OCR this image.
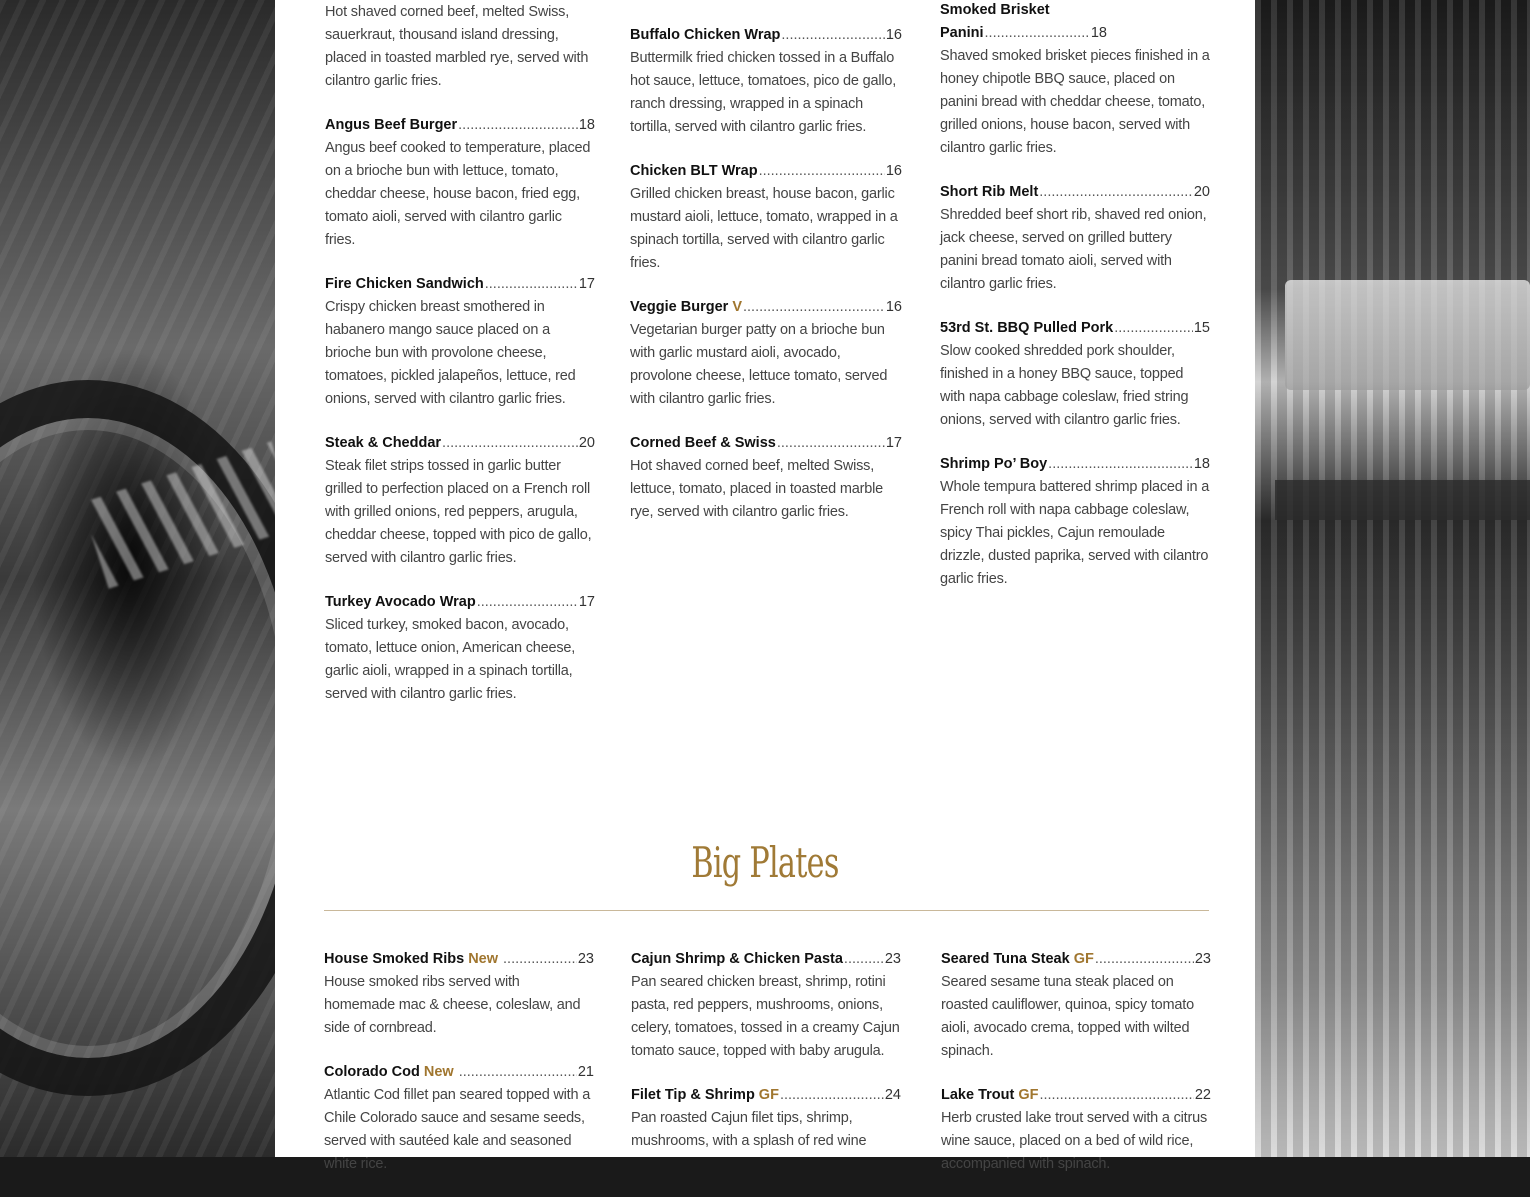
Hot shaved corned beef, melted Swiss, sauerkraut, thousand island dressing, placed in toasted marbled rye, served with cilantro garlic fries.

Angus Beef Burger .....	18

Angus beef cooked to temperature, placed on a brioche bun with lettuce, tomato, cheddar cheese, house bacon, fried egg, tomato aioli, served with cilantro garlic fries.

Fire Chicken Sandwich .....	17

Crispy chicken breast smothered in habanero mango sauce placed on a brioche bun with provolone cheese, tomatoes, pickled jalapeños, lettuce, red onions, served with cilantro garlic fries.

Steak & Cheddar .....	20

Steak filet strips tossed in garlic butter grilled to perfection placed on a French roll with grilled onions, red peppers, arugula, cheddar cheese, topped with pico de gallo, served with cilantro garlic fries.

Turkey Avocado Wrap .....	17

Sliced turkey, smoked bacon, avocado, tomato, lettuce onion, American cheese, garlic aioli, wrapped in a spinach tortilla, served with cilantro garlic fries.

Buffalo Chicken Wrap .....	16

Buttermilk fried chicken tossed in a Buffalo hot sauce, lettuce, tomatoes, pico de gallo, ranch dressing, wrapped in a spinach tortilla, served with cilantro garlic fries.

Chicken BLT Wrap .....	16

Grilled chicken breast, house bacon, garlic mustard aioli, lettuce, tomato, wrapped in a spinach tortilla, served with cilantro garlic fries.

Veggie Burger V .....	16

Vegetarian burger patty on a brioche bun with garlic mustard aioli, avocado, provolone cheese, lettuce tomato, served with cilantro garlic fries.

Corned Beef & Swiss .....	17

Hot shaved corned beef, melted Swiss, lettuce, tomato, placed in toasted marble rye, served with cilantro garlic fries.

Smoked Brisket
Panini .....	18

Shaved smoked brisket pieces finished in a honey chipotle BBQ sauce, placed on panini bread with cheddar cheese, tomato, grilled onions, house bacon, served with cilantro garlic fries.

Short Rib Melt .....	20

Shredded beef short rib, shaved red onion, jack cheese, served on grilled buttery panini bread tomato aioli, served with cilantro garlic fries.

53rd St. BBQ Pulled Pork .....	15

Slow cooked shredded pork shoulder, finished in a honey BBQ sauce, topped with napa cabbage coleslaw, fried string onions, served with cilantro garlic fries.

Shrimp Po’ Boy .....	18

Whole tempura battered shrimp placed in a French roll with napa cabbage coleslaw, spicy Thai pickles, Cajun remoulade drizzle, dusted paprika, served with cilantro garlic fries.

Big Plates
House Smoked Ribs New .....	23

House smoked ribs served with homemade mac & cheese, coleslaw, and side of cornbread.

Colorado Cod New .....	21

Atlantic Cod fillet pan seared topped with a Chile Colorado sauce and sesame seeds, served with sautéed kale and seasoned white rice.

Cajun Shrimp & Chicken Pasta .....	23

Pan seared chicken breast, shrimp, rotini pasta, red peppers, mushrooms, onions, celery, tomatoes, tossed in a creamy Cajun tomato sauce, topped with baby arugula.

Filet Tip & Shrimp GF .....	24

Pan roasted Cajun filet tips, shrimp, mushrooms, with a splash of red wine

Seared Tuna Steak GF .....	23

Seared sesame tuna steak placed on roasted cauliflower, quinoa, spicy tomato aioli, avocado crema, topped with wilted spinach.

Lake Trout GF .....	22

Herb crusted lake trout served with a citrus wine sauce, placed on a bed of wild rice, accompanied with spinach.
